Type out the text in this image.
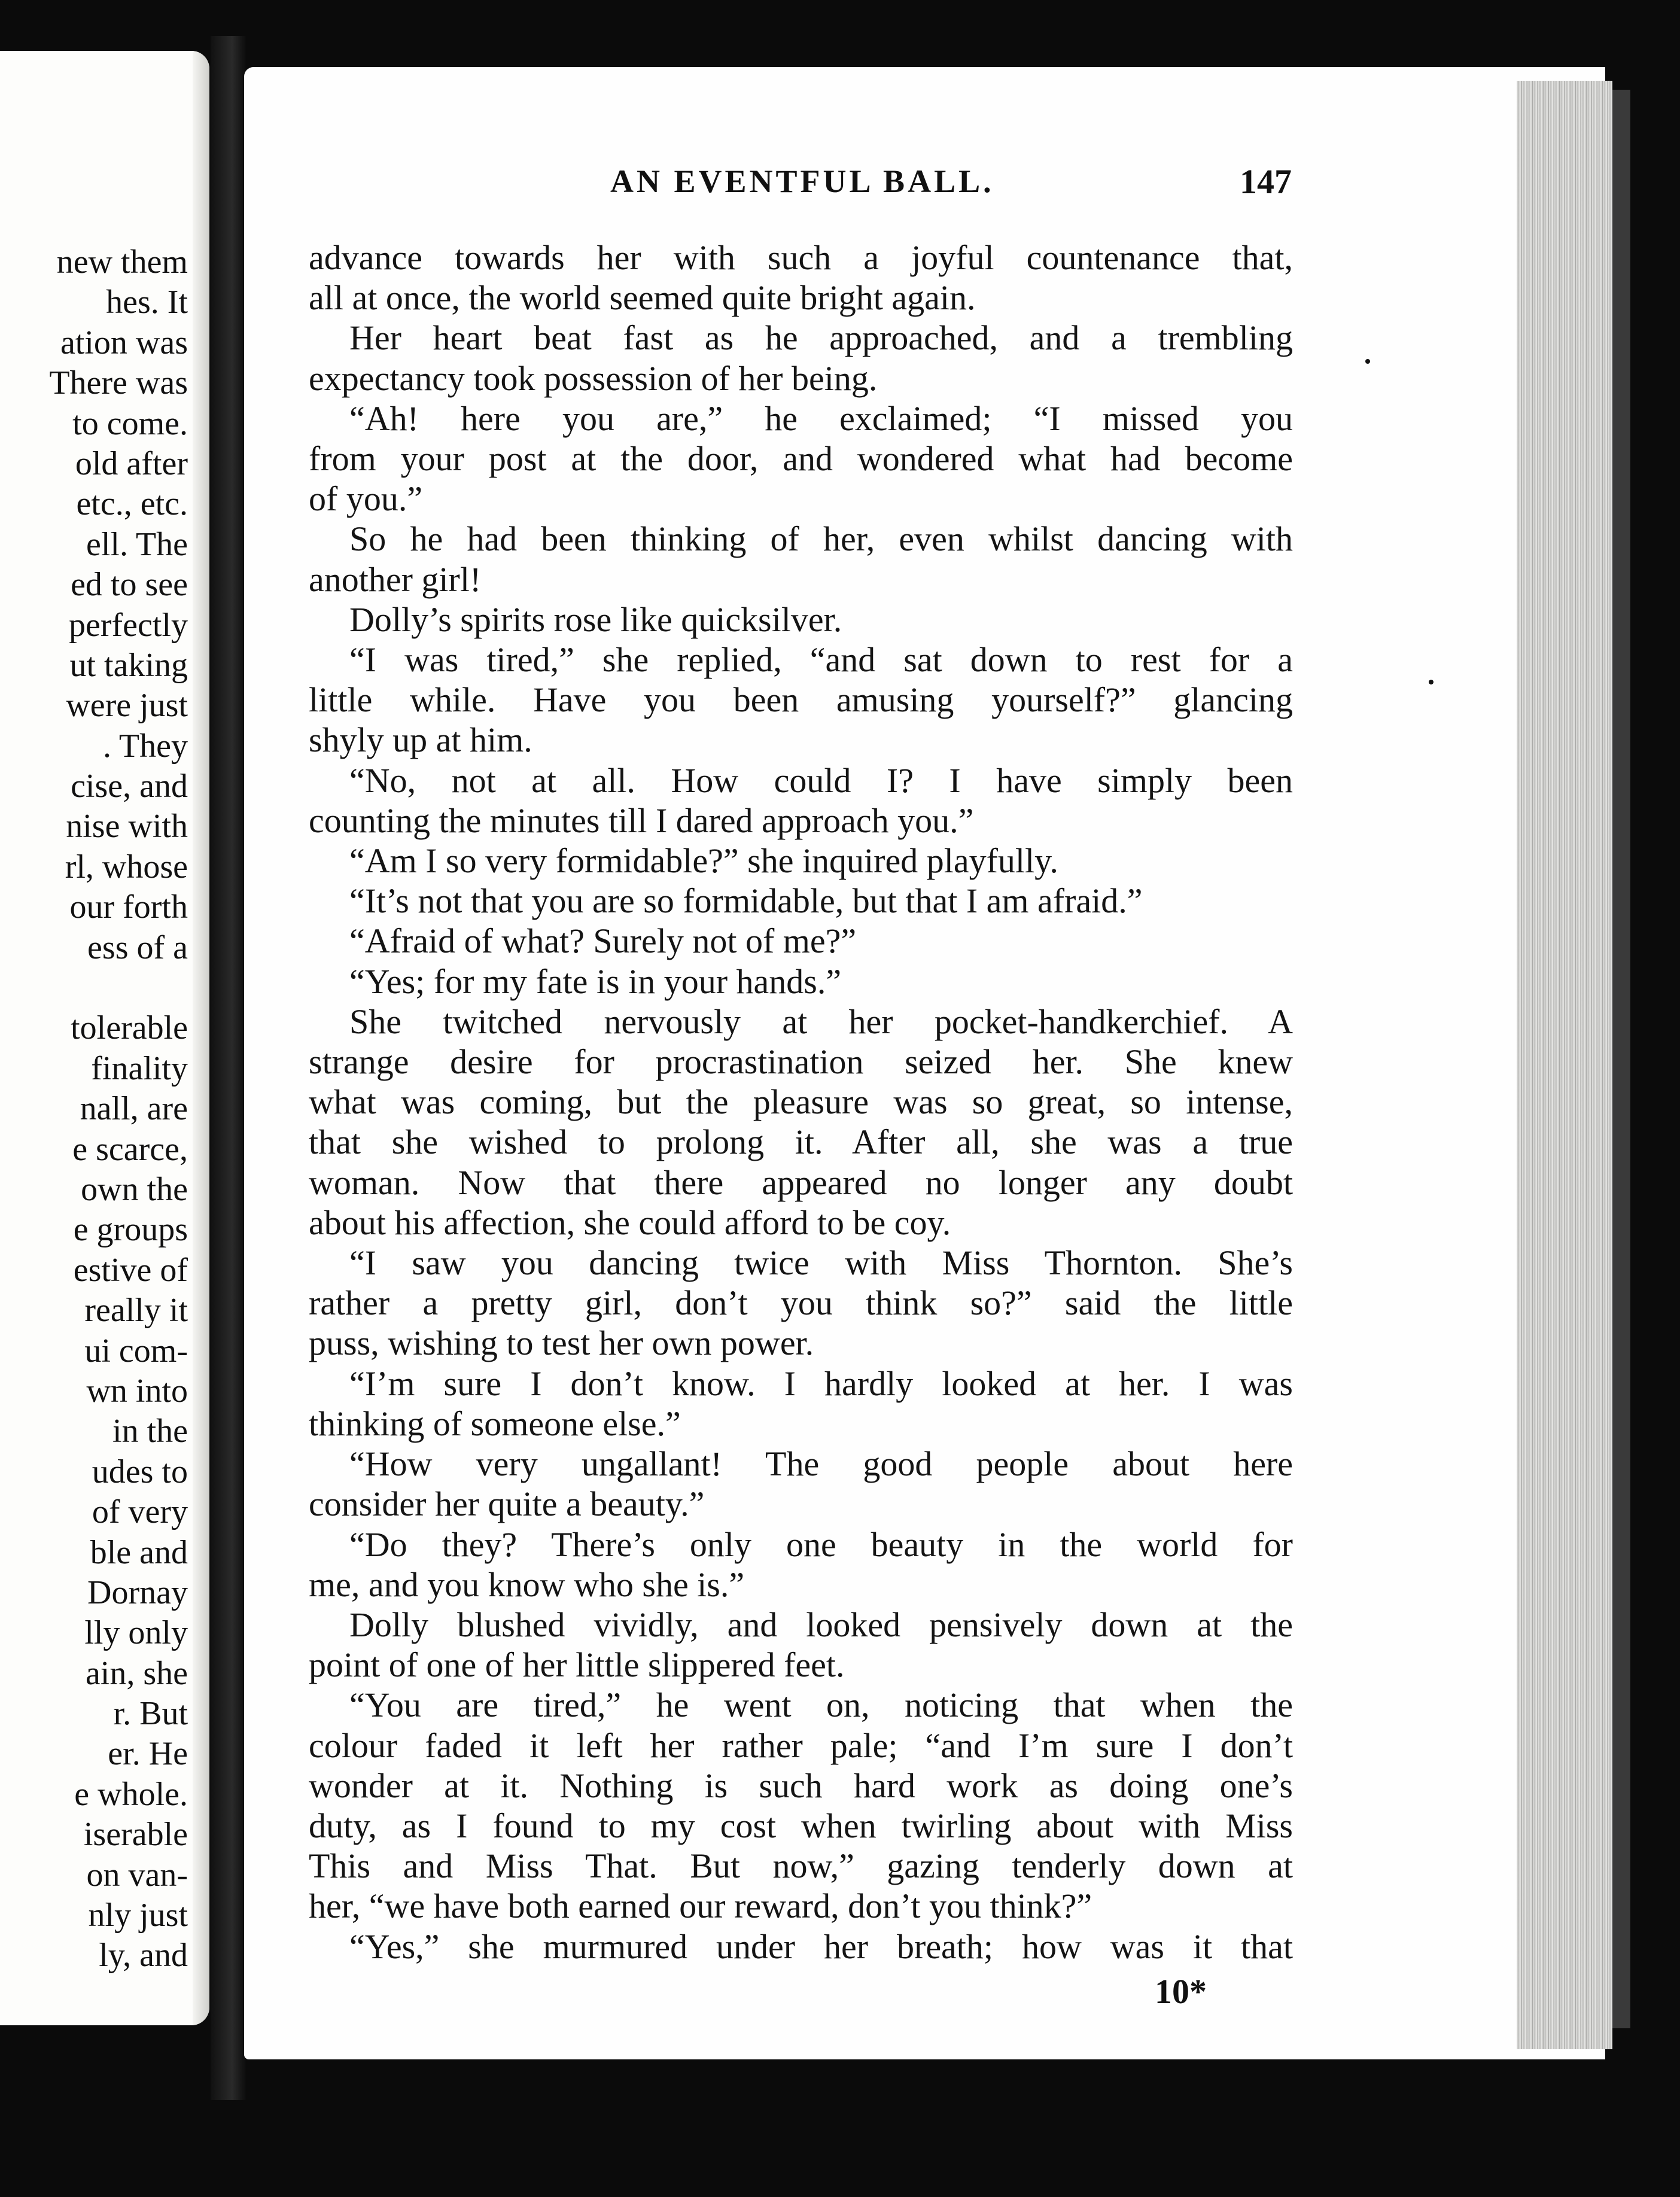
new them
hes. It
ation was
There was
to come.
old after
etc., etc.
ell. The
ed to see
perfectly
ut taking
were just
. They
cise, and
nise with
rl, whose
our forth
ess of a
tolerable
finality
nall, are
e scarce,
own the
e groups
estive of
really it
ui com-
wn into
in the
udes to
of very
ble and
Dornay
lly only
ain, she
r. But
er. He
e whole.
iserable
on van-
nly just
ly, and
AN EVENTFUL BALL.	147
advance towards her with such a joyful countenance that,
all at once, the world seemed quite bright again.
Her heart beat fast as he approached, and a trembling
expectancy took possession of her being.
“Ah! here you are,” he exclaimed; “I missed you
from your post at the door, and wondered what had become
of you.”
So he had been thinking of her, even whilst dancing with
another girl!
Dolly’s spirits rose like quicksilver.
“I was tired,” she replied, “and sat down to rest for a
little while. Have you been amusing yourself?” glancing
shyly up at him.
“No, not at all. How could I? I have simply been
counting the minutes till I dared approach you.”
“Am I so very formidable?” she inquired playfully.
“It’s not that you are so formidable, but that I am afraid.”
“Afraid of what? Surely not of me?”
“Yes; for my fate is in your hands.”
She twitched nervously at her pocket-handkerchief. A
strange desire for procrastination seized her. She knew
what was coming, but the pleasure was so great, so intense,
that she wished to prolong it. After all, she was a true
woman. Now that there appeared no longer any doubt
about his affection, she could afford to be coy.
“I saw you dancing twice with Miss Thornton. She’s
rather a pretty girl, don’t you think so?” said the little
puss, wishing to test her own power.
“I’m sure I don’t know. I hardly looked at her. I was
thinking of someone else.”
“How very ungallant! The good people about here
consider her quite a beauty.”
“Do they? There’s only one beauty in the world for
me, and you know who she is.”
Dolly blushed vividly, and looked pensively down at the
point of one of her little slippered feet.
“You are tired,” he went on, noticing that when the
colour faded it left her rather pale; “and I’m sure I don’t
wonder at it. Nothing is such hard work as doing one’s
duty, as I found to my cost when twirling about with Miss
This and Miss That. But now,” gazing tenderly down at
her, “we have both earned our reward, don’t you think?”
“Yes,” she murmured under her breath; how was it that
10*
